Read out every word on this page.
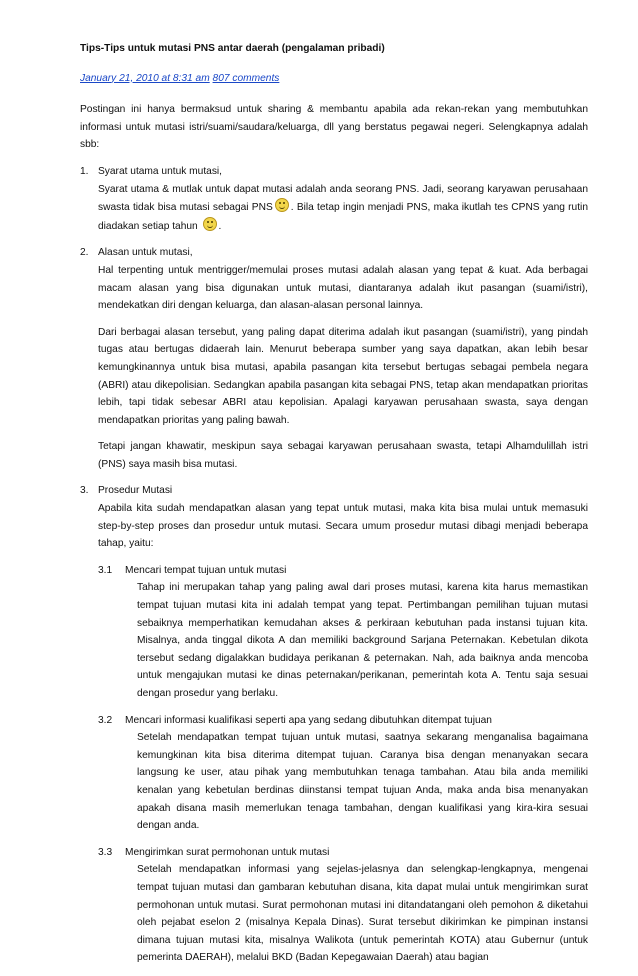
Tips-Tips untuk mutasi PNS antar daerah (pengalaman pribadi)
January 21, 2010 at 8:31 am 807 comments

Postingan ini hanya bermaksud untuk sharing & membantu apabila ada rekan-rekan yang membutuhkan informasi untuk mutasi istri/suami/saudara/keluarga, dll yang berstatus pegawai negeri. Selengkapnya adalah sbb:

1. Syarat utama untuk mutasi,

Syarat utama & mutlak untuk dapat mutasi adalah anda seorang PNS. Jadi, seorang karyawan perusahaan swasta tidak bisa mutasi sebagai PNS . Bila tetap ingin menjadi PNS, maka ikutlah tes CPNS yang rutin diadakan setiap tahun .

2. Alasan untuk mutasi,

Hal terpenting untuk mentrigger/memulai proses mutasi adalah alasan yang tepat & kuat. Ada berbagai macam alasan yang bisa digunakan untuk mutasi, diantaranya adalah ikut pasangan (suami/istri), mendekatkan diri dengan keluarga, dan alasan-alasan personal lainnya.

Dari berbagai alasan tersebut, yang paling dapat diterima adalah ikut pasangan (suami/istri), yang pindah tugas atau bertugas didaerah lain. Menurut beberapa sumber yang saya dapatkan, akan lebih besar kemungkinannya untuk bisa mutasi, apabila pasangan kita tersebut bertugas sebagai pembela negara (ABRI) atau dikepolisian. Sedangkan apabila pasangan kita sebagai PNS, tetap akan mendapatkan prioritas lebih, tapi tidak sebesar ABRI atau kepolisian. Apalagi karyawan perusahaan swasta, saya dengan mendapatkan prioritas yang paling bawah.

Tetapi jangan khawatir, meskipun saya sebagai karyawan perusahaan swasta, tetapi Alhamdulillah istri (PNS) saya masih bisa mutasi.

3. Prosedur Mutasi

Apabila kita sudah mendapatkan alasan yang tepat untuk mutasi, maka kita bisa mulai untuk memasuki step-by-step proses dan prosedur untuk mutasi. Secara umum prosedur mutasi dibagi menjadi beberapa tahap, yaitu:

3.1 Mencari tempat tujuan untuk mutasi

Tahap ini merupakan tahap yang paling awal dari proses mutasi, karena kita harus memastikan tempat tujuan mutasi kita ini adalah tempat yang tepat. Pertimbangan pemilihan tujuan mutasi sebaiknya memperhatikan kemudahan akses & perkiraan kebutuhan pada instansi tujuan kita. Misalnya, anda tinggal dikota A dan memiliki background Sarjana Peternakan. Kebetulan dikota tersebut sedang digalakkan budidaya perikanan & peternakan. Nah, ada baiknya anda mencoba untuk mengajukan mutasi ke dinas peternakan/perikanan, pemerintah kota A. Tentu saja sesuai dengan prosedur yang berlaku.

3.2 Mencari informasi kualifikasi seperti apa yang sedang dibutuhkan ditempat tujuan

Setelah mendapatkan tempat tujuan untuk mutasi, saatnya sekarang menganalisa bagaimana kemungkinan kita bisa diterima ditempat tujuan. Caranya bisa dengan menanyakan secara langsung ke user, atau pihak yang membutuhkan tenaga tambahan. Atau bila anda memiliki kenalan yang kebetulan berdinas diinstansi tempat tujuan Anda, maka anda bisa menanyakan apakah disana masih memerlukan tenaga tambahan, dengan kualifikasi yang kira-kira sesuai dengan anda.

3.3 Mengirimkan surat permohonan untuk mutasi

Setelah mendapatkan informasi yang sejelas-jelasnya dan selengkap-lengkapnya, mengenai tempat tujuan mutasi dan gambaran kebutuhan disana, kita dapat mulai untuk mengirimkan surat permohonan untuk mutasi. Surat permohonan mutasi ini ditandatangani oleh pemohon & diketahui oleh pejabat eselon 2 (misalnya Kepala Dinas). Surat tersebut dikirimkan ke pimpinan instansi dimana tujuan mutasi kita, misalnya Walikota (untuk pemerintah KOTA) atau Gubernur (untuk pemerinta DAERAH), melalui BKD (Badan Kepegawaian Daerah) atau bagian
